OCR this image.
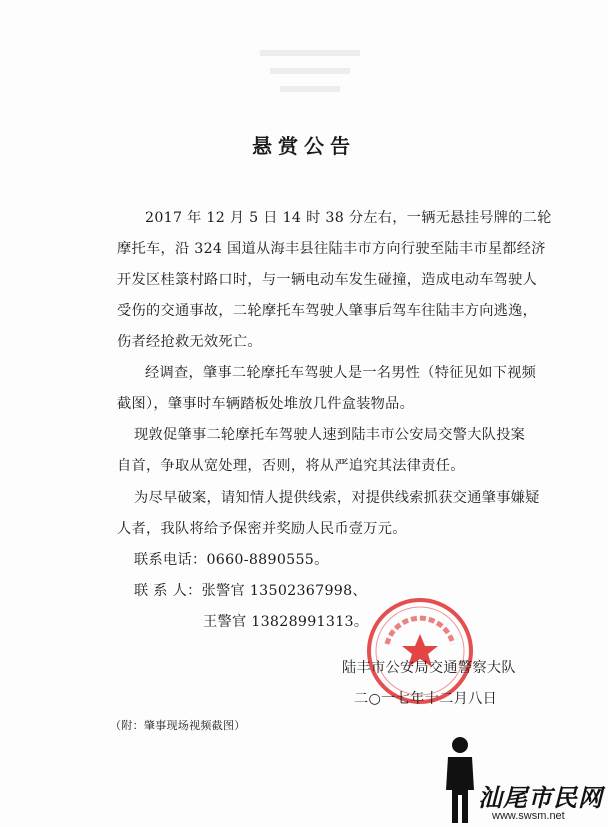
悬赏公告
2017 年 12 月 5 日 14 时 38 分左右，一辆无悬挂号牌的二轮
摩托车，沿 324 国道从海丰县往陆丰市方向行驶至陆丰市星都经济
开发区桂箓村路口时，与一辆电动车发生碰撞，造成电动车驾驶人
受伤的交通事故，二轮摩托车驾驶人肇事后驾车往陆丰方向逃逸，
伤者经抢救无效死亡。
经调查，肇事二轮摩托车驾驶人是一名男性（特征见如下视频
截图），肇事时车辆踏板处堆放几件盒装物品。
现敦促肇事二轮摩托车驾驶人速到陆丰市公安局交警大队投案
自首，争取从宽处理，否则，将从严追究其法律责任。
为尽早破案，请知情人提供线索，对提供线索抓获交通肇事嫌疑
人者，我队将给予保密并奖励人民币壹万元。
联系电话：0660-8890555。
联 系 人：张警官 13502367998、
王警官 13828991313。
陆丰市公安局交通警察大队
二○一七年十二月八日
（附：肇事现场视频截图）
汕尾市民网
www.swsm.net
